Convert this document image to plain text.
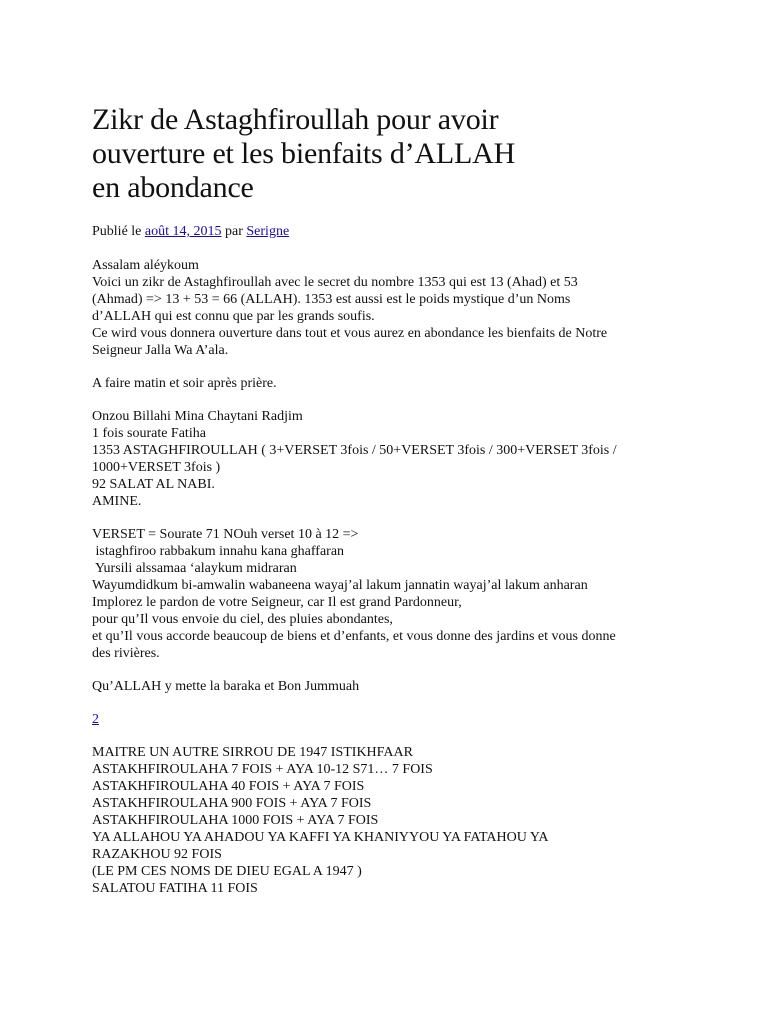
Zikr de Astaghfiroullah pour avoir
ouverture et les bienfaits d’ALLAH
en abondance
Publié le août 14, 2015 par Serigne
Assalam aléykoum
Voici un zikr de Astaghfiroullah avec le secret du nombre 1353 qui est 13 (Ahad) et 53
(Ahmad) => 13 + 53 = 66 (ALLAH). 1353 est aussi est le poids mystique d’un Noms
d’ALLAH qui est connu que par les grands soufis.
Ce wird vous donnera ouverture dans tout et vous aurez en abondance les bienfaits de Notre
Seigneur Jalla Wa A’ala.
A faire matin et soir après prière.
Onzou Billahi Mina Chaytani Radjim
1 fois sourate Fatiha
1353 ASTAGHFIROULLAH ( 3+VERSET 3fois / 50+VERSET 3fois / 300+VERSET 3fois /
1000+VERSET 3fois )
92 SALAT AL NABI.
AMINE.
VERSET = Sourate 71 NOuh verset 10 à 12 =>
istaghfiroo rabbakum innahu kana ghaffaran
Yursili alssamaa ‘alaykum midraran
Wayumdidkum bi-amwalin wabaneena wayaj’al lakum jannatin wayaj’al lakum anharan
Implorez le pardon de votre Seigneur, car Il est grand Pardonneur,
pour qu’Il vous envoie du ciel, des pluies abondantes,
et qu’Il vous accorde beaucoup de biens et d’enfants, et vous donne des jardins et vous donne
des rivières.
Qu’ALLAH y mette la baraka et Bon Jummuah
2
MAITRE UN AUTRE SIRROU DE 1947 ISTIKHFAAR
ASTAKHFIROULAHA 7 FOIS + AYA 10-12 S71… 7 FOIS
ASTAKHFIROULAHA 40 FOIS + AYA 7 FOIS
ASTAKHFIROULAHA 900 FOIS + AYA 7 FOIS
ASTAKHFIROULAHA 1000 FOIS + AYA 7 FOIS
YA ALLAHOU YA AHADOU YA KAFFI YA KHANIYYOU YA FATAHOU YA
RAZAKHOU 92 FOIS
(LE PM CES NOMS DE DIEU EGAL A 1947 )
SALATOU FATIHA 11 FOIS
